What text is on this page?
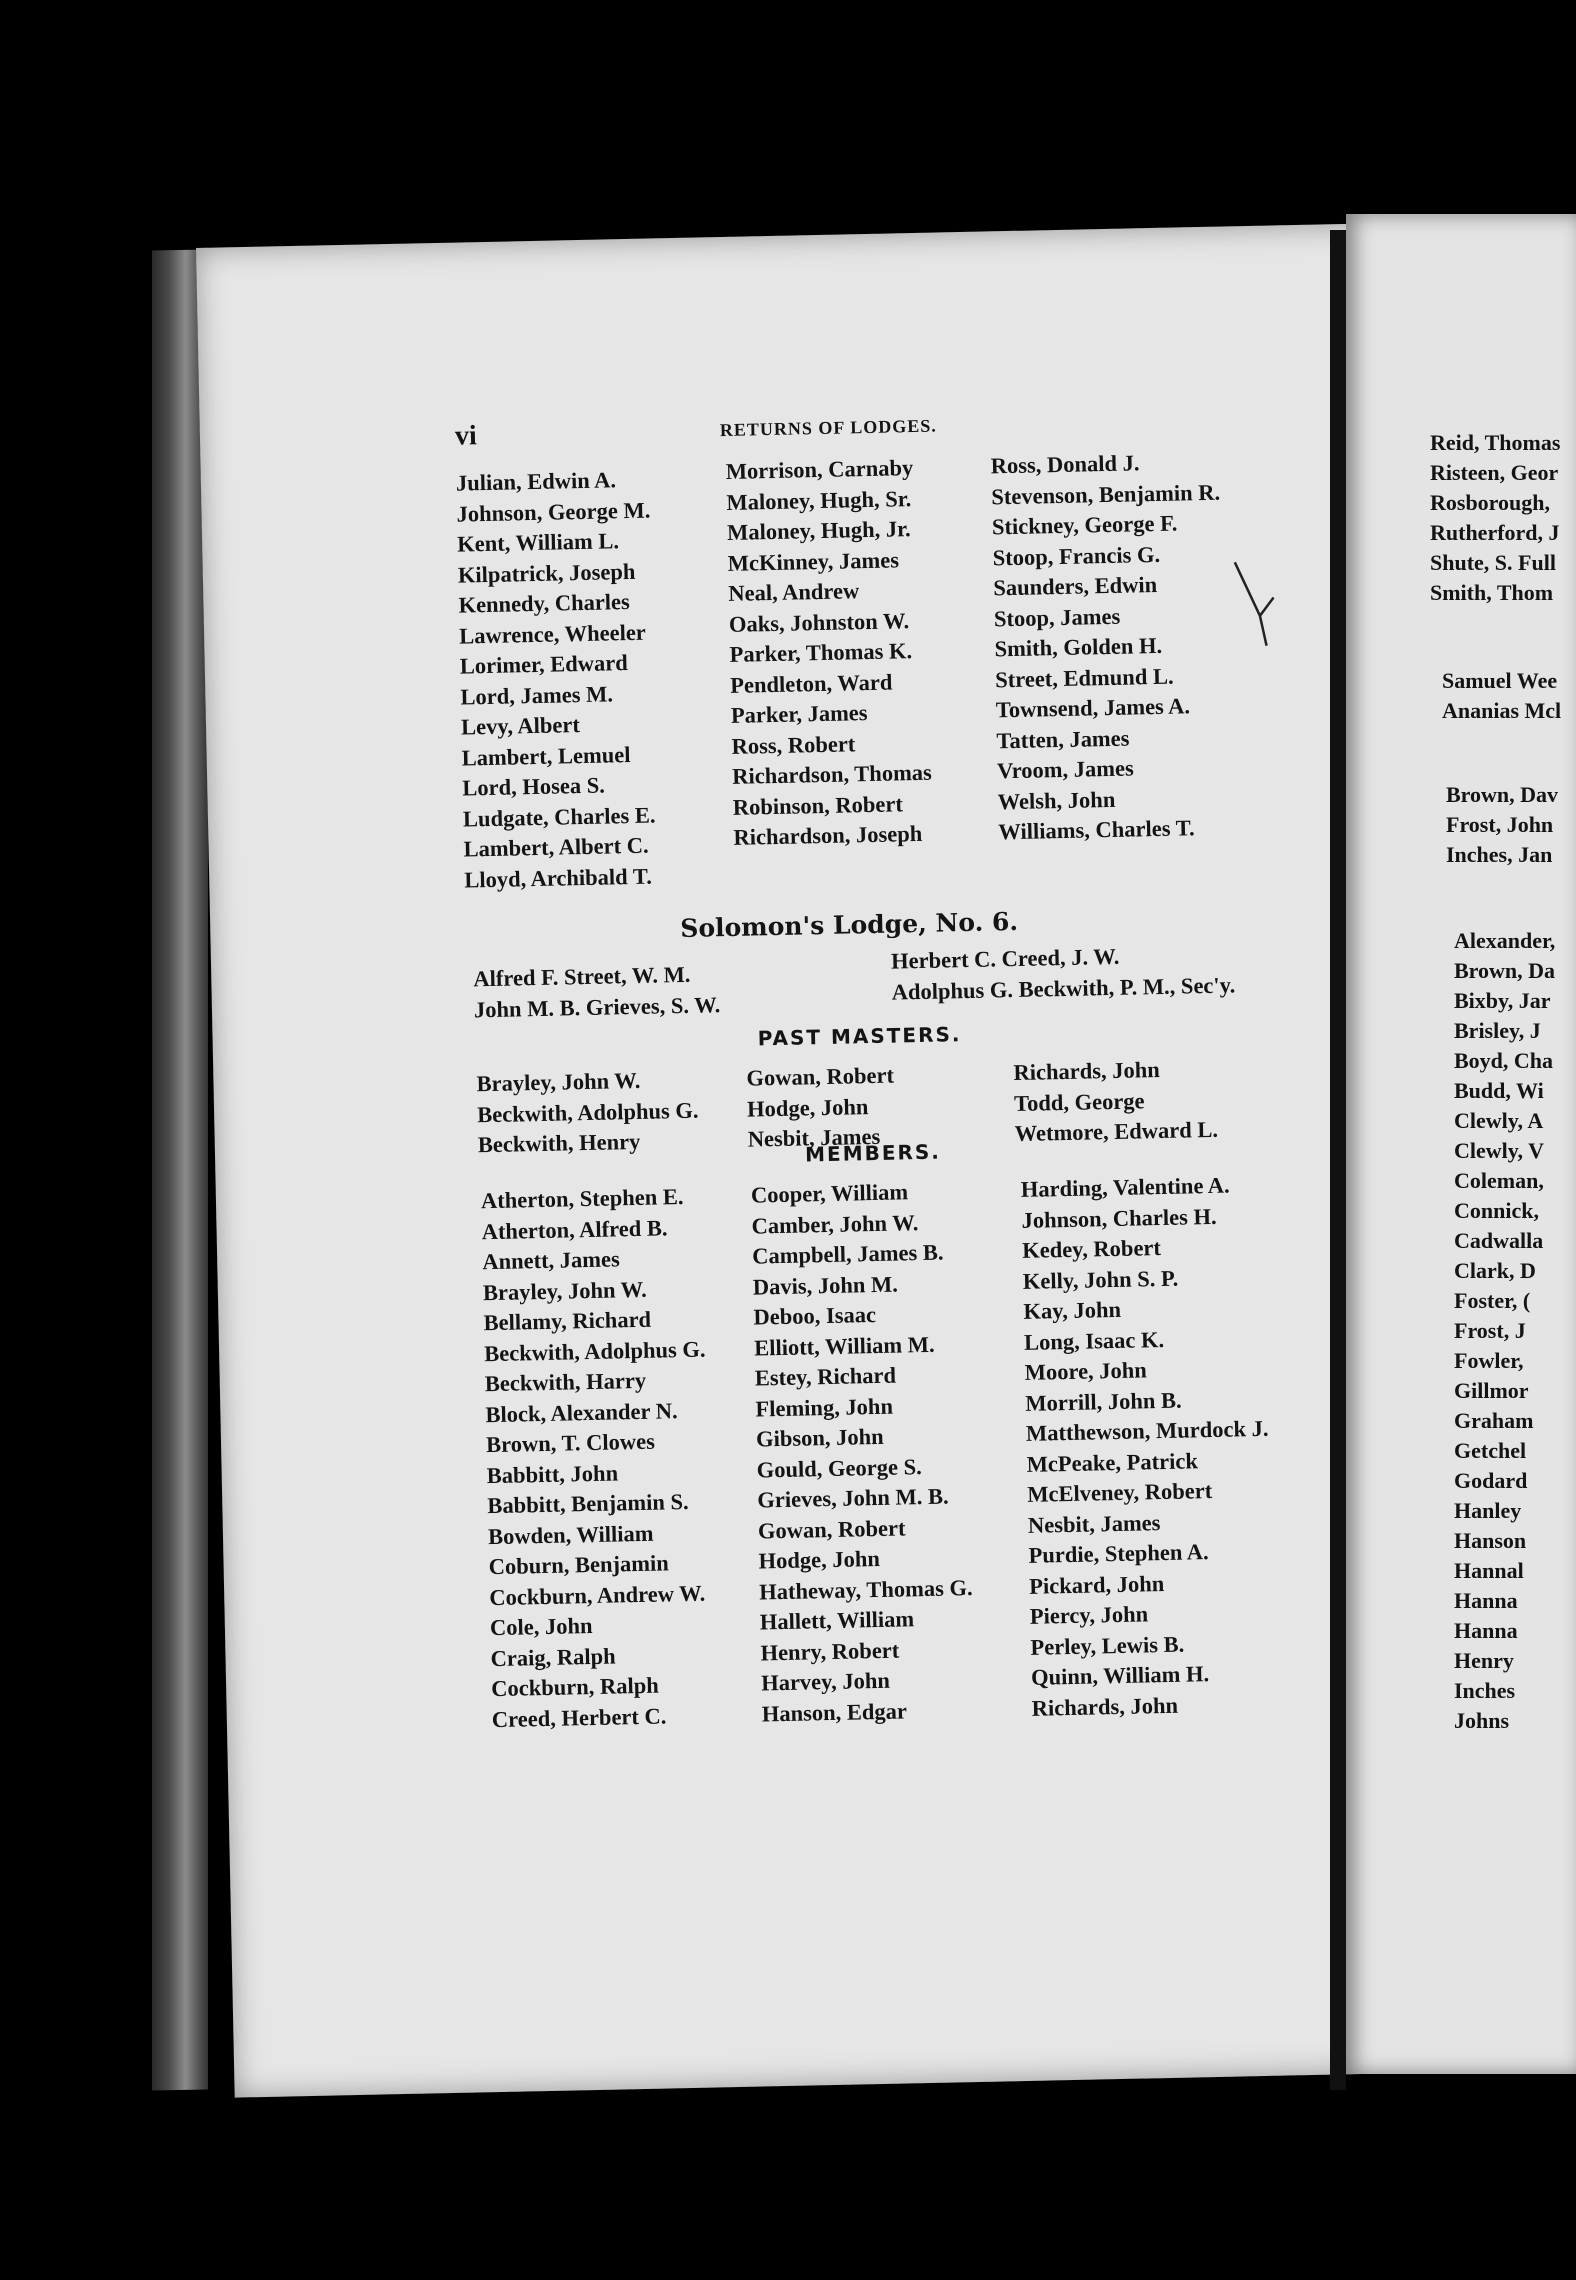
vi	RETURNS OF LODGES.
Julian, Edwin A.
Johnson, George M.
Kent, William L.
Kilpatrick, Joseph
Kennedy, Charles
Lawrence, Wheeler
Lorimer, Edward
Lord, James M.
Levy, Albert
Lambert, Lemuel
Lord, Hosea S.
Ludgate, Charles E.
Lambert, Albert C.
Lloyd, Archibald T.
Morrison, Carnaby
Maloney, Hugh, Sr.
Maloney, Hugh, Jr.
McKinney, James
Neal, Andrew
Oaks, Johnston W.
Parker, Thomas K.
Pendleton, Ward
Parker, James
Ross, Robert
Richardson, Thomas
Robinson, Robert
Richardson, Joseph
Ross, Donald J.
Stevenson, Benjamin R.
Stickney, George F.
Stoop, Francis G.
Saunders, Edwin
Stoop, James
Smith, Golden H.
Street, Edmund L.
Townsend, James A.
Tatten, James
Vroom, James
Welsh, John
Williams, Charles T.
Solomon's Lodge, No. 6.
Alfred F. Street, W. M.
John M. B. Grieves, S. W.
Herbert C. Creed, J. W.
Adolphus G. Beckwith, P. M., Sec'y.
PAST MASTERS.
Brayley, John W.
Beckwith, Adolphus G.
Beckwith, Henry
Gowan, Robert
Hodge, John
Nesbit, James
Richards, John
Todd, George
Wetmore, Edward L.
MEMBERS.
Atherton, Stephen E.
Atherton, Alfred B.
Annett, James
Brayley, John W.
Bellamy, Richard
Beckwith, Adolphus G.
Beckwith, Harry
Block, Alexander N.
Brown, T. Clowes
Babbitt, John
Babbitt, Benjamin S.
Bowden, William
Coburn, Benjamin
Cockburn, Andrew W.
Cole, John
Craig, Ralph
Cockburn, Ralph
Creed, Herbert C.
Cooper, William
Camber, John W.
Campbell, James B.
Davis, John M.
Deboo, Isaac
Elliott, William M.
Estey, Richard
Fleming, John
Gibson, John
Gould, George S.
Grieves, John M. B.
Gowan, Robert
Hodge, John
Hatheway, Thomas G.
Hallett, William
Henry, Robert
Harvey, John
Hanson, Edgar
Harding, Valentine A.
Johnson, Charles H.
Kedey, Robert
Kelly, John S. P.
Kay, John
Long, Isaac K.
Moore, John
Morrill, John B.
Matthewson, Murdock J.
McPeake, Patrick
McElveney, Robert
Nesbit, James
Purdie, Stephen A.
Pickard, John
Piercy, John
Perley, Lewis B.
Quinn, William H.
Richards, John
Reid, Thomas
Risteen, Geor
Rosborough,
Rutherford, J
Shute, S. Full
Smith, Thom
Samuel Wee
Ananias Mcl
Brown, Dav
Frost, John
Inches, Jan
Alexander,
Brown, Da
Bixby, Jar
Brisley, J
Boyd, Cha
Budd, Wi
Clewly, A
Clewly, V
Coleman,
Connick,
Cadwalla
Clark, D
Foster, (
Frost, J
Fowler,
Gillmor
Graham
Getchel
Godard
Hanley
Hanson
Hannal
Hanna
Hanna
Henry
Inches
Johns
